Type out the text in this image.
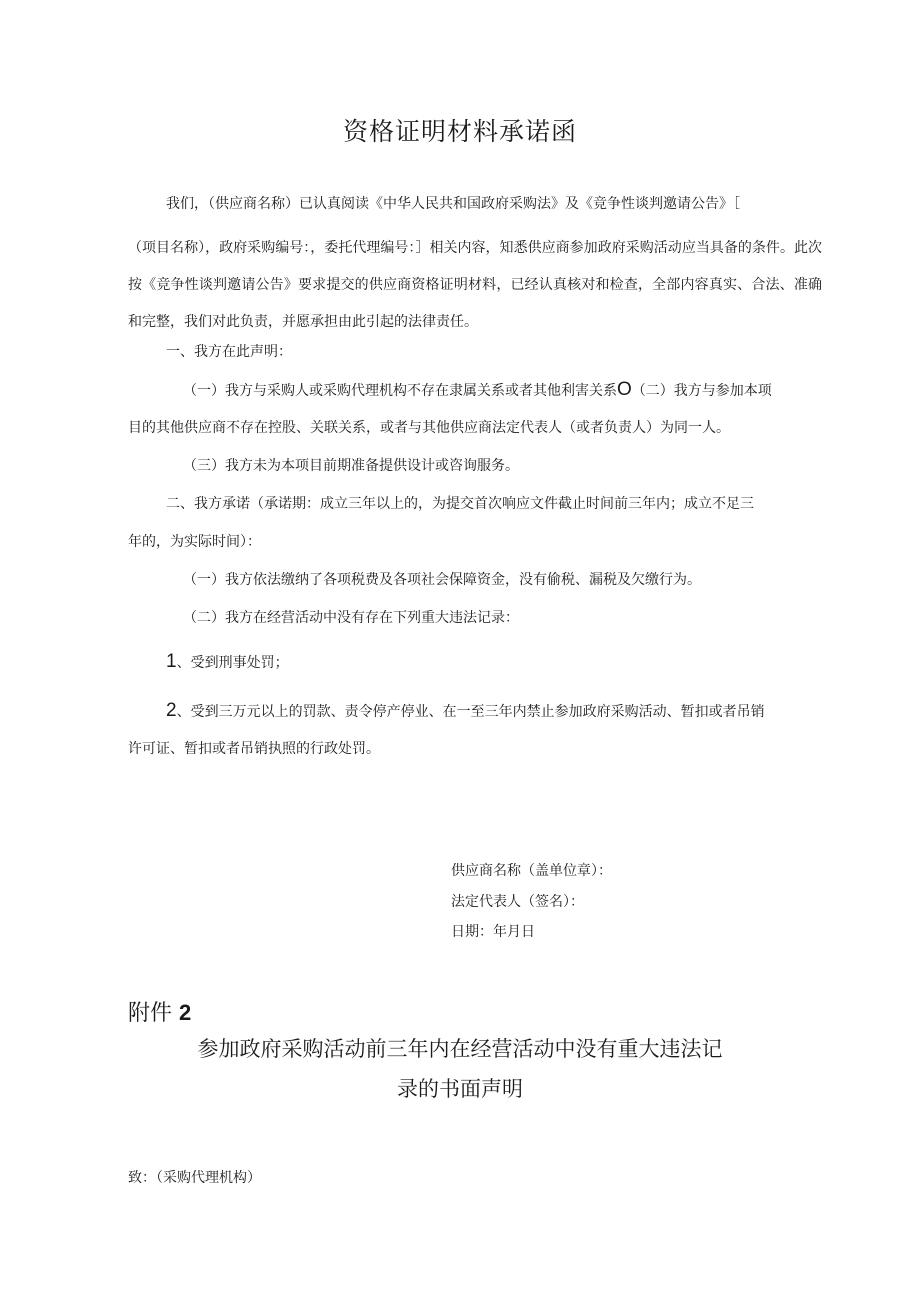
资格证明材料承诺函
我们，（供应商名称）已认真阅读《中华人民共和国政府采购法》及《竞争性谈判邀请公告》［
（项目名称），政府采购编号：，委托代理编号：］相关内容，知悉供应商参加政府采购活动应当具备的条件。此次按《竞争性谈判邀请公告》要求提交的供应商资格证明材料，已经认真核对和检查，全部内容真实、合法、准确和完整，我们对此负责，并愿承担由此引起的法律责任。
一、我方在此声明：
（一）我方与采购人或采购代理机构不存在隶属关系或者其他利害关系O（二）我方与参加本项
目的其他供应商不存在控股、关联关系，或者与其他供应商法定代表人（或者负责人）为同一人。
（三）我方未为本项目前期准备提供设计或咨询服务。
二、我方承诺（承诺期：成立三年以上的，为提交首次响应文件截止时间前三年内；成立不足三
年的，为实际时间）：
（一）我方依法缴纳了各项税费及各项社会保障资金，没有偷税、漏税及欠缴行为。
（二）我方在经营活动中没有存在下列重大违法记录：
1、受到刑事处罚；
2、受到三万元以上的罚款、责令停产停业、在一至三年内禁止参加政府采购活动、暂扣或者吊销
许可证、暂扣或者吊销执照的行政处罚。
供应商名称（盖单位章）：
法定代表人（签名）：
日期：年月日
附件 2
参加政府采购活动前三年内在经营活动中没有重大违法记
录的书面声明
致：（采购代理机构）
